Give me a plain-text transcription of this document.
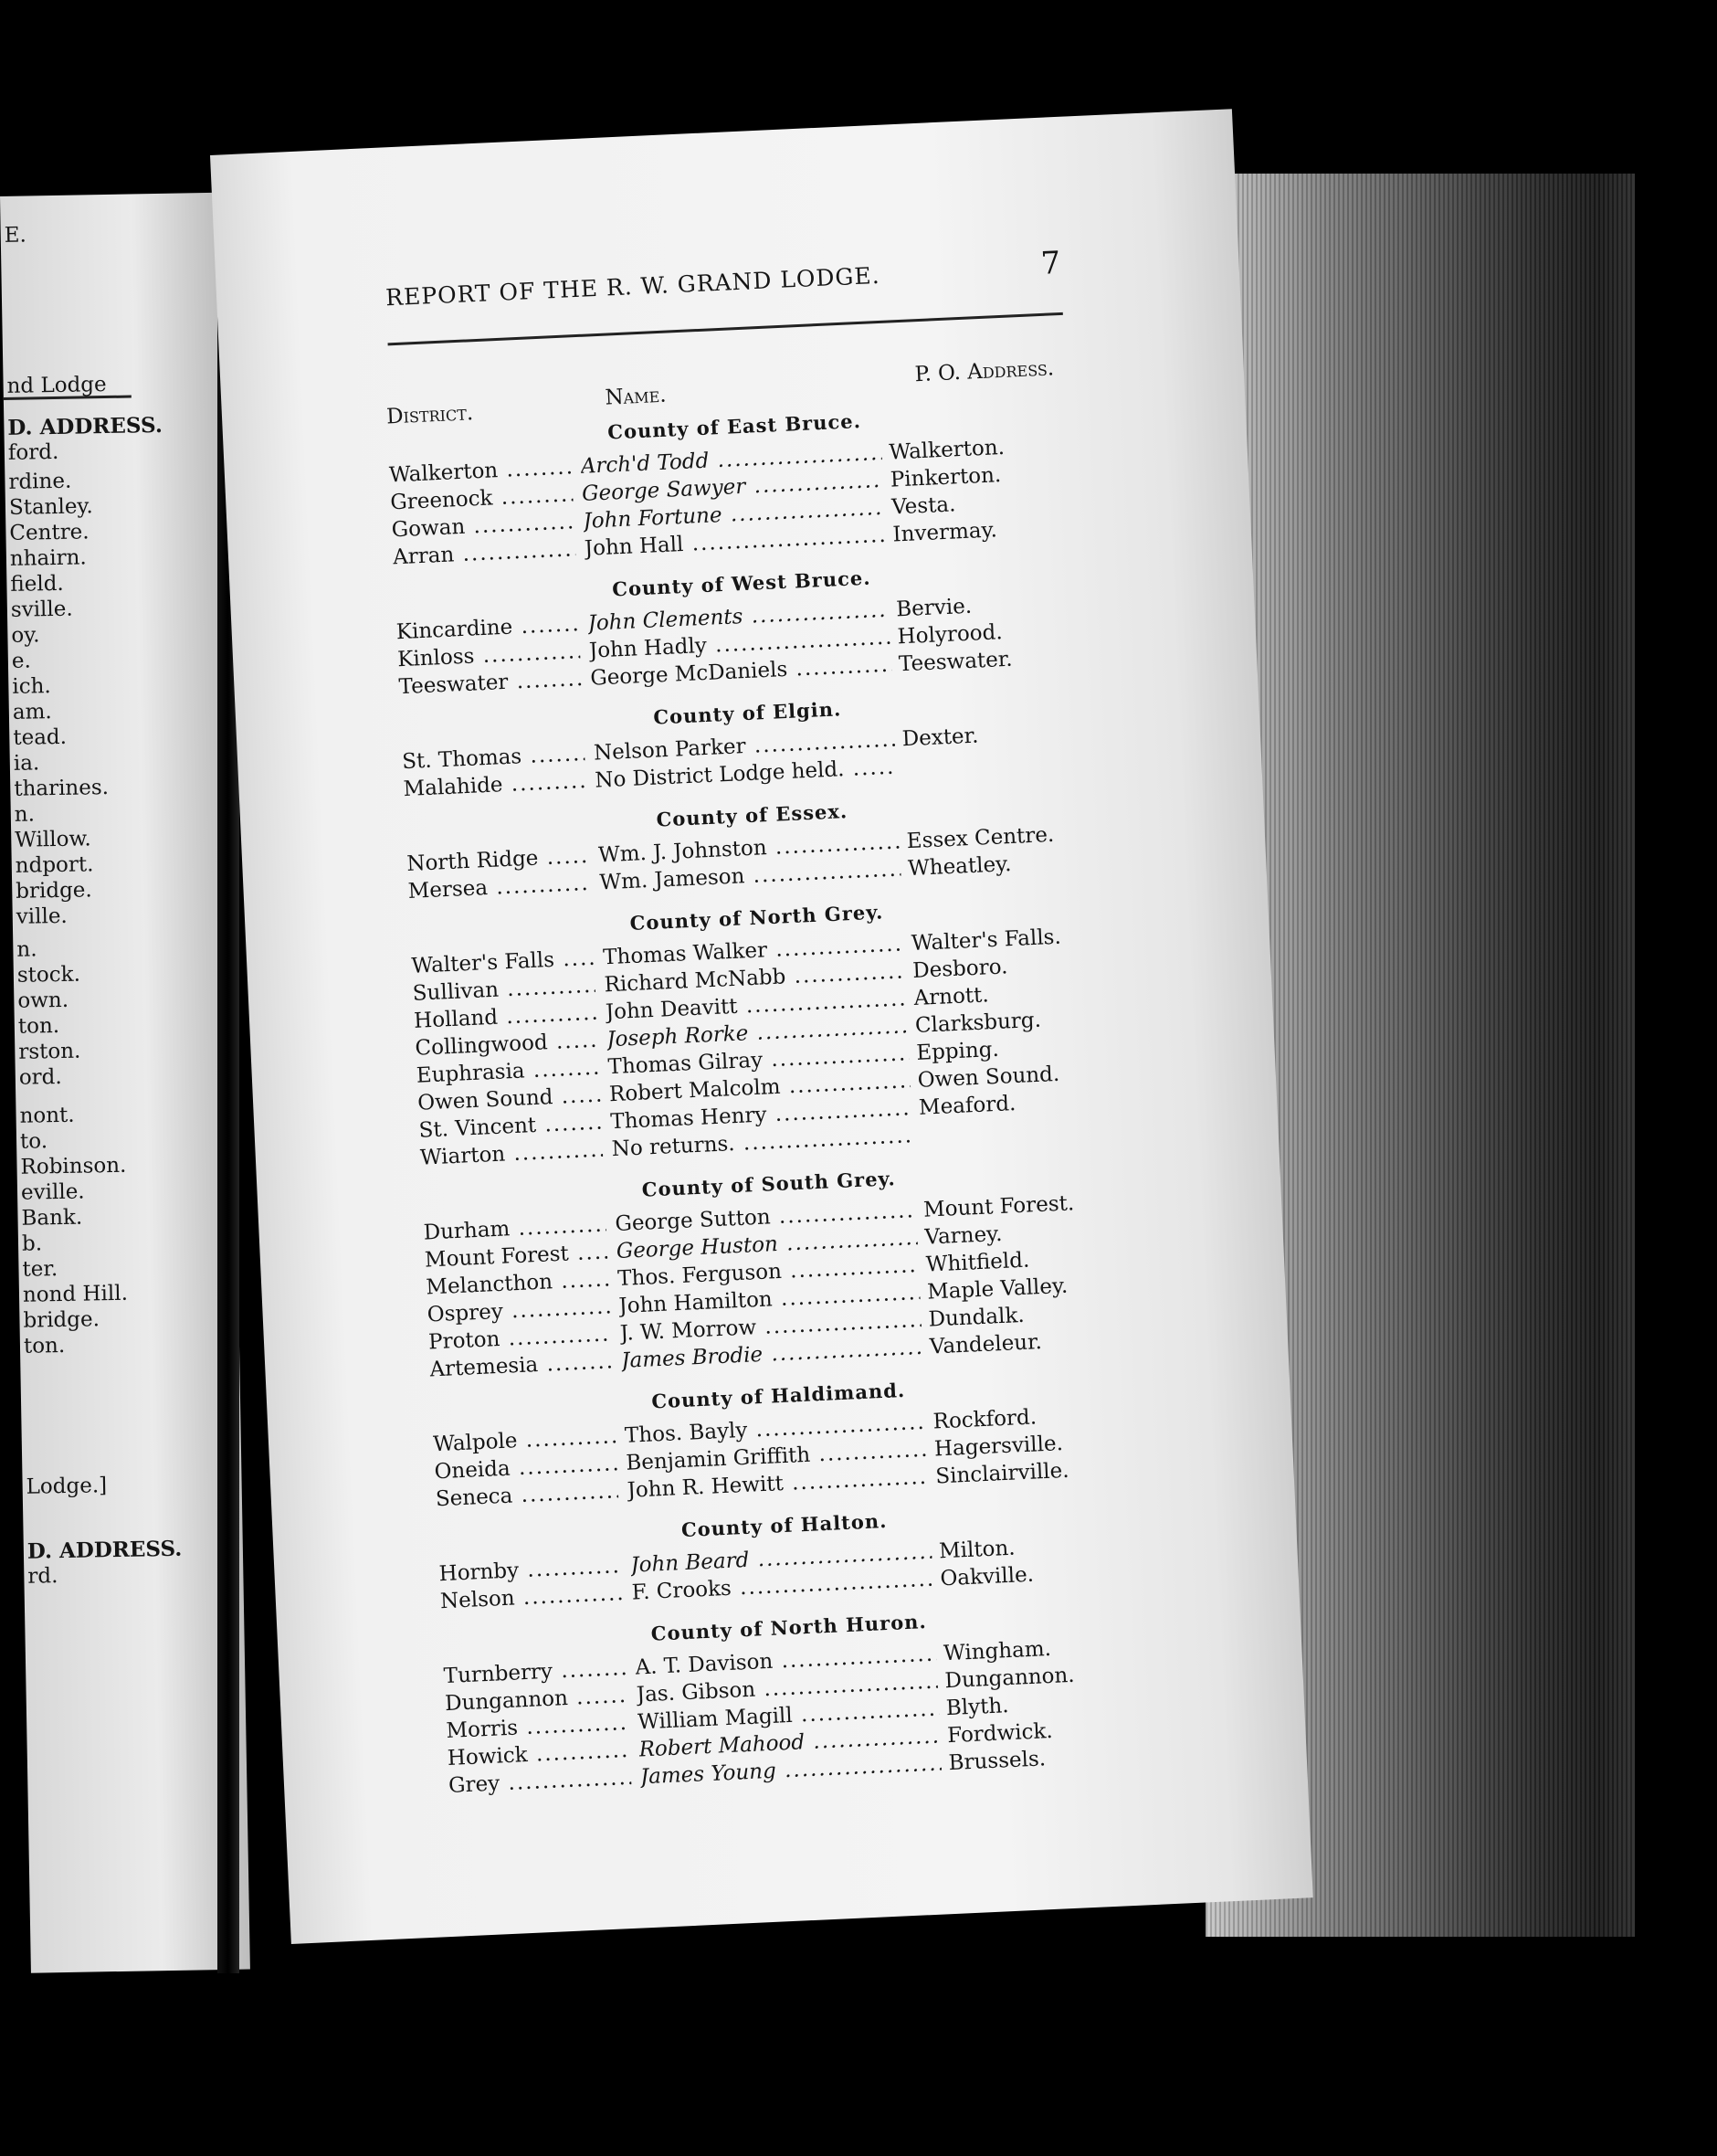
E.
nd Lodge
D. ADDRESS.
ford.
rdine.
Stanley.
Centre.
nhairn.
field.
sville.
oy.
e.
ich.
am.
tead.
ia.
tharines.
n.
Willow.
ndport.
bridge.
ville.
n.
stock.
own.
ton.
rston.
ord.
nont.
to.
Robinson.
eville.
Bank.
b.
ter.
nond Hill.
bridge.
ton.
Lodge.]
D. ADDRESS.
rd.
REPORT OF THE R. W. GRAND LODGE.	7
District.
Name.
P. O. Address.
County of East Bruce.
Walkerton .....	Arch'd Todd .....	Walkerton.
Greenock .....	George Sawyer .....	Pinkerton.
Gowan .....	John Fortune .....	Vesta.
Arran .....	John Hall .....	Invermay.
County of West Bruce.
Kincardine .....	John Clements .....	Bervie.
Kinloss .....	John Hadly .....	Holyrood.
Teeswater .....	George McDaniels .....	Teeswater.
County of Elgin.
St. Thomas .....	Nelson Parker .....	Dexter.
Malahide .....	No District Lodge held. .....
County of Essex.
North Ridge .....	Wm. J. Johnston .....	Essex Centre.
Mersea .....	Wm. Jameson .....	Wheatley.
County of North Grey.
Walter's Falls .....	Thomas Walker .....	Walter's Falls.
Sullivan .....	Richard McNabb .....	Desboro.
Holland .....	John Deavitt .....	Arnott.
Collingwood .....	Joseph Rorke .....	Clarksburg.
Euphrasia .....	Thomas Gilray .....	Epping.
Owen Sound .....	Robert Malcolm .....	Owen Sound.
St. Vincent .....	Thomas Henry .....	Meaford.
Wiarton .....	No returns. .....
County of South Grey.
Durham .....	George Sutton .....	Mount Forest.
Mount Forest .....	George Huston .....	Varney.
Melancthon .....	Thos. Ferguson .....	Whitfield.
Osprey .....	John Hamilton .....	Maple Valley.
Proton .....	J. W. Morrow .....	Dundalk.
Artemesia .....	James Brodie .....	Vandeleur.
County of Haldimand.
Walpole .....	Thos. Bayly .....	Rockford.
Oneida .....	Benjamin Griffith .....	Hagersville.
Seneca .....	John R. Hewitt .....	Sinclairville.
County of Halton.
Hornby .....	John Beard .....	Milton.
Nelson .....	F. Crooks .....	Oakville.
County of North Huron.
Turnberry .....	A. T. Davison .....	Wingham.
Dungannon .....	Jas. Gibson .....	Dungannon.
Morris .....	William Magill .....	Blyth.
Howick .....	Robert Mahood .....	Fordwick.
Grey .....	James Young .....	Brussels.
